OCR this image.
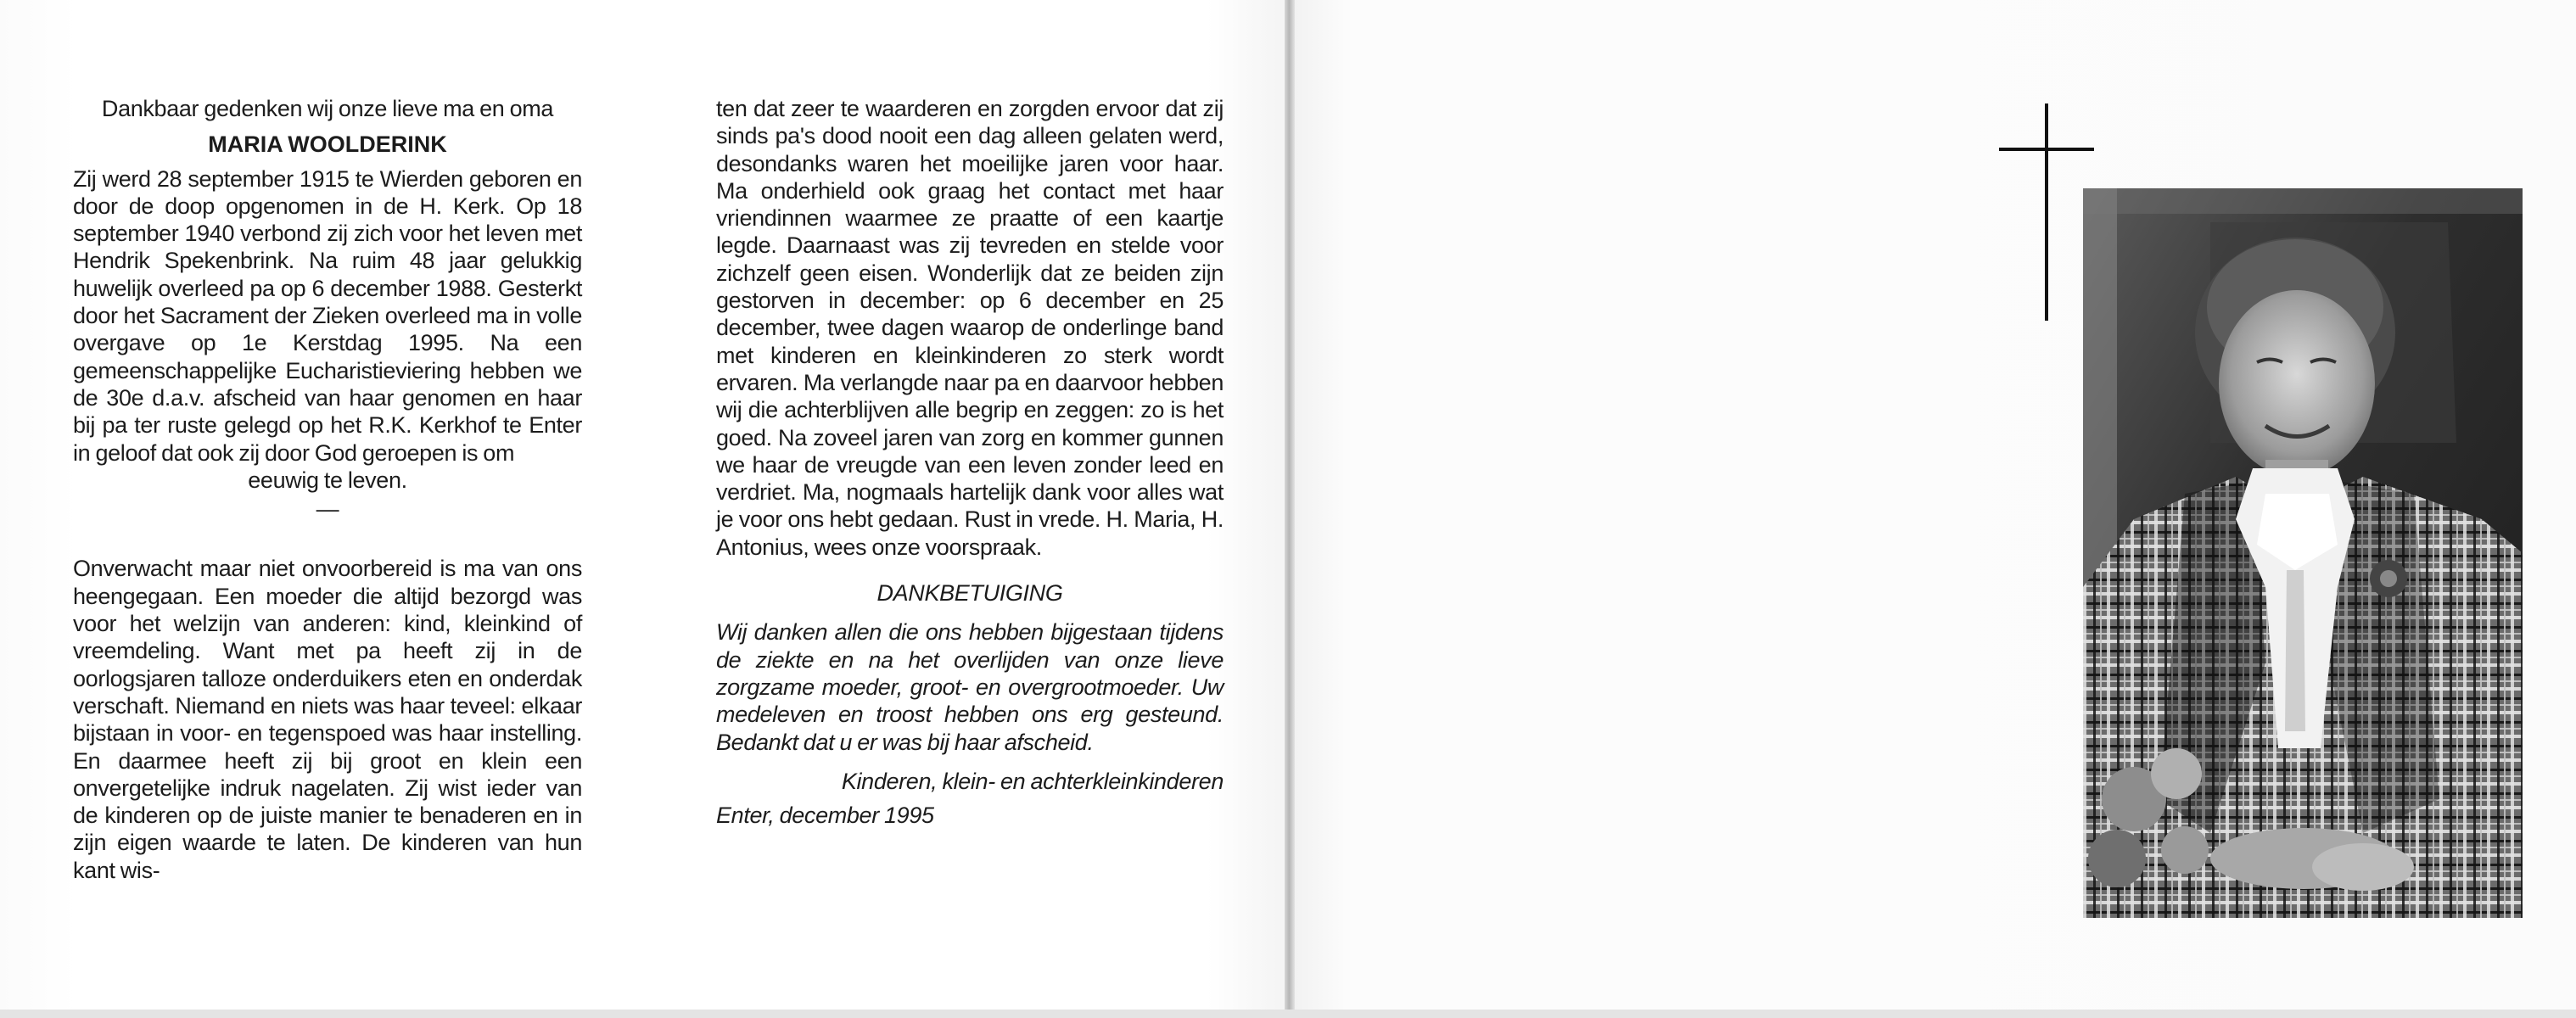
Dankbaar gedenken wij onze lieve ma en oma

MARIA WOOLDERINK

Zij werd 28 september 1915 te Wierden geboren en door de doop opgenomen in de H. Kerk. Op 18 september 1940 verbond zij zich voor het leven met Hendrik Spekenbrink. Na ruim 48 jaar gelukkig huwelijk overleed pa op 6 december 1988. Gesterkt door het Sacrament der Zieken overleed ma in volle overgave op 1e Kerstdag 1995. Na een gemeenschappelijke Eucharistieviering hebben we de 30e d.a.v. afscheid van haar genomen en haar bij pa ter ruste gelegd op het R.K. Kerkhof te Enter in geloof dat ook zij door God geroepen is om

eeuwig te leven.

—

Onverwacht maar niet onvoorbereid is ma van ons heengegaan. Een moeder die altijd bezorgd was voor het welzijn van anderen: kind, kleinkind of vreemdeling. Want met pa heeft zij in de oorlogsjaren talloze onderduikers eten en onderdak verschaft. Niemand en niets was haar teveel: elkaar bijstaan in voor- en tegenspoed was haar instelling. En daarmee heeft zij bij groot en klein een onvergetelijke indruk nagelaten. Zij wist ieder van de kinderen op de juiste manier te benaderen en in zijn eigen waarde te laten. De kinderen van hun kant wis-

ten dat zeer te waarderen en zorgden ervoor dat zij sinds pa's dood nooit een dag alleen gelaten werd, desondanks waren het moeilijke jaren voor haar. Ma onderhield ook graag het contact met haar vriendinnen waarmee ze praatte of een kaartje legde. Daarnaast was zij tevreden en stelde voor zichzelf geen eisen. Wonderlijk dat ze beiden zijn gestorven in december: op 6 december en 25 december, twee dagen waarop de onderlinge band met kinderen en kleinkinderen zo sterk wordt ervaren. Ma verlangde naar pa en daarvoor hebben wij die achterblijven alle begrip en zeggen: zo is het goed. Na zoveel jaren van zorg en kommer gunnen we haar de vreugde van een leven zonder leed en verdriet. Ma, nogmaals hartelijk dank voor alles wat je voor ons hebt gedaan. Rust in vrede. H. Maria, H. Antonius, wees onze voorspraak.

DANKBETUIGING

Wij danken allen die ons hebben bijgestaan tijdens de ziekte en na het overlijden van onze lieve zorgzame moeder, groot- en overgrootmoeder. Uw medeleven en troost hebben ons erg gesteund. Bedankt dat u er was bij haar afscheid.

Kinderen, klein- en achterkleinkinderen

Enter, december 1995
